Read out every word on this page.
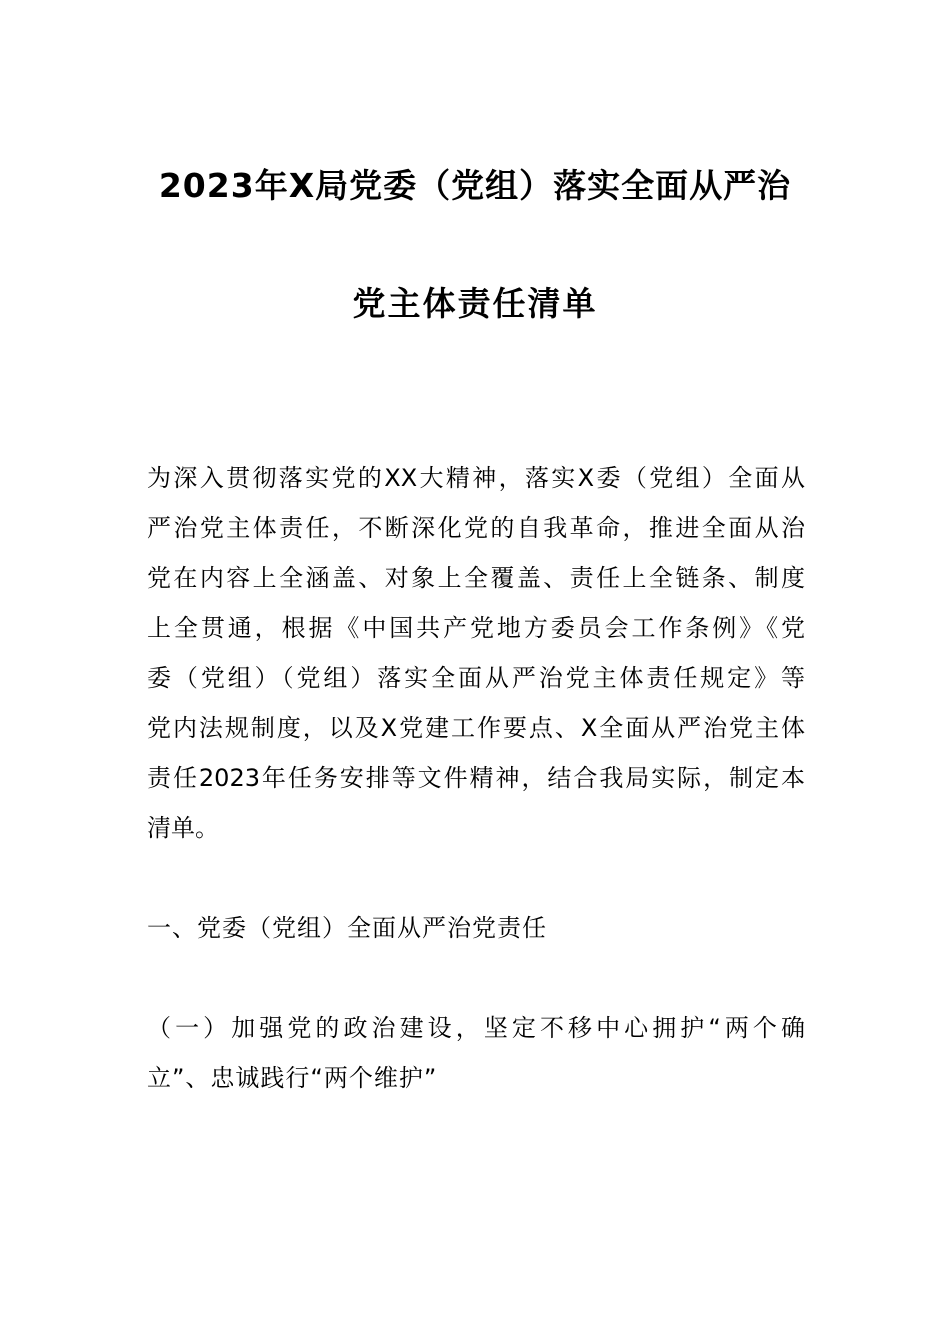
2023年X局党委（党组）落实全面从严治
党主体责任清单
为深入贯彻落实党的XX大精神，落实X委（党组）全面从
严治党主体责任，不断深化党的自我革命，推进全面从治
党在内容上全涵盖、对象上全覆盖、责任上全链条、制度
上全贯通，根据《中国共产党地方委员会工作条例》《党
委（党组）（党组）落实全面从严治党主体责任规定》等
党内法规制度，以及X党建工作要点、X全面从严治党主体
责任2023年任务安排等文件精神，结合我局实际，制定本
清单。
一、党委（党组）全面从严治党责任
（一）加强党的政治建设，坚定不移中心拥护“两个确
立”、忠诚践行“两个维护”
